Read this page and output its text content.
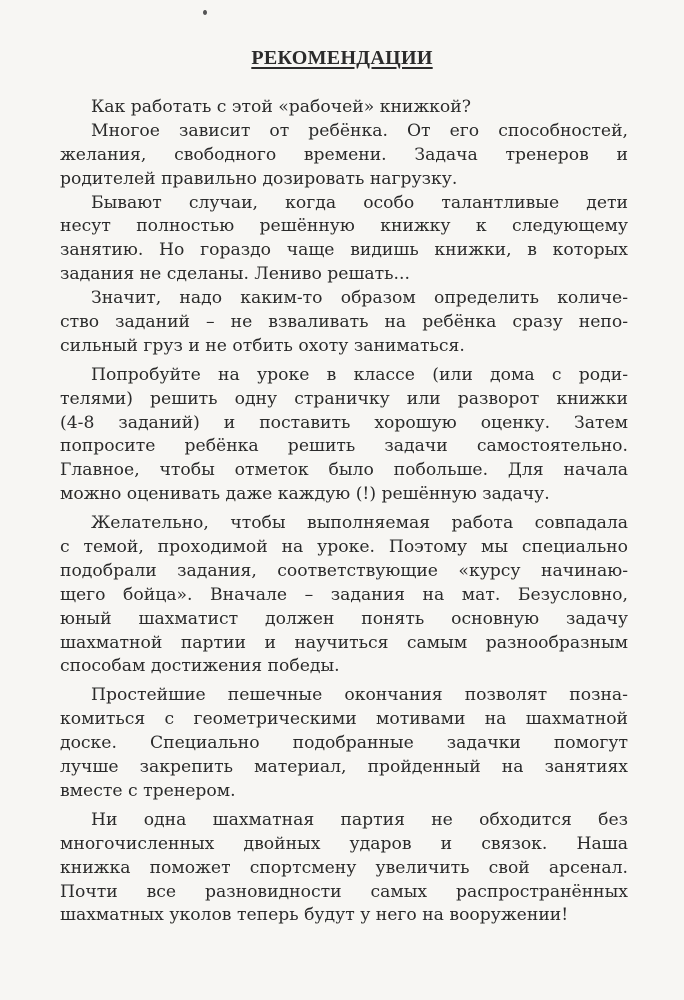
РЕКОМЕНДАЦИИ
Как работать с этой «рабочей» книжкой?
Многое зависит от ребёнка. От его способностей,
желания, свободного времени. Задача тренеров и
родителей правильно дозировать нагрузку.
Бывают случаи, когда особо талантливые дети
несут полностью решённую книжку к следующему
занятию. Но гораздо чаще видишь книжки, в которых
задания не сделаны. Лениво решать...
Значит, надо каким-то образом определить количе-
ство заданий – не взваливать на ребёнка сразу непо-
сильный груз и не отбить охоту заниматься.
Попробуйте на уроке в классе (или дома с роди-
телями) решить одну страничку или разворот книжки
(4-8 заданий) и поставить хорошую оценку. Затем
попросите ребёнка решить задачи самостоятельно.
Главное, чтобы отметок было побольше. Для начала
можно оценивать даже каждую (!) решённую задачу.
Желательно, чтобы выполняемая работа совпадала
с темой, проходимой на уроке. Поэтому мы специально
подобрали задания, соответствующие «курсу начинаю-
щего бойца». Вначале – задания на мат. Безусловно,
юный шахматист должен понять основную задачу
шахматной партии и научиться самым разнообразным
способам достижения победы.
Простейшие пешечные окончания позволят позна-
комиться с геометрическими мотивами на шахматной
доске. Специально подобранные задачки помогут
лучше закрепить материал, пройденный на занятиях
вместе с тренером.
Ни одна шахматная партия не обходится без
многочисленных двойных ударов и связок. Наша
книжка поможет спортсмену увеличить свой арсенал.
Почти все разновидности самых распространённых
шахматных уколов теперь будут у него на вооружении!
